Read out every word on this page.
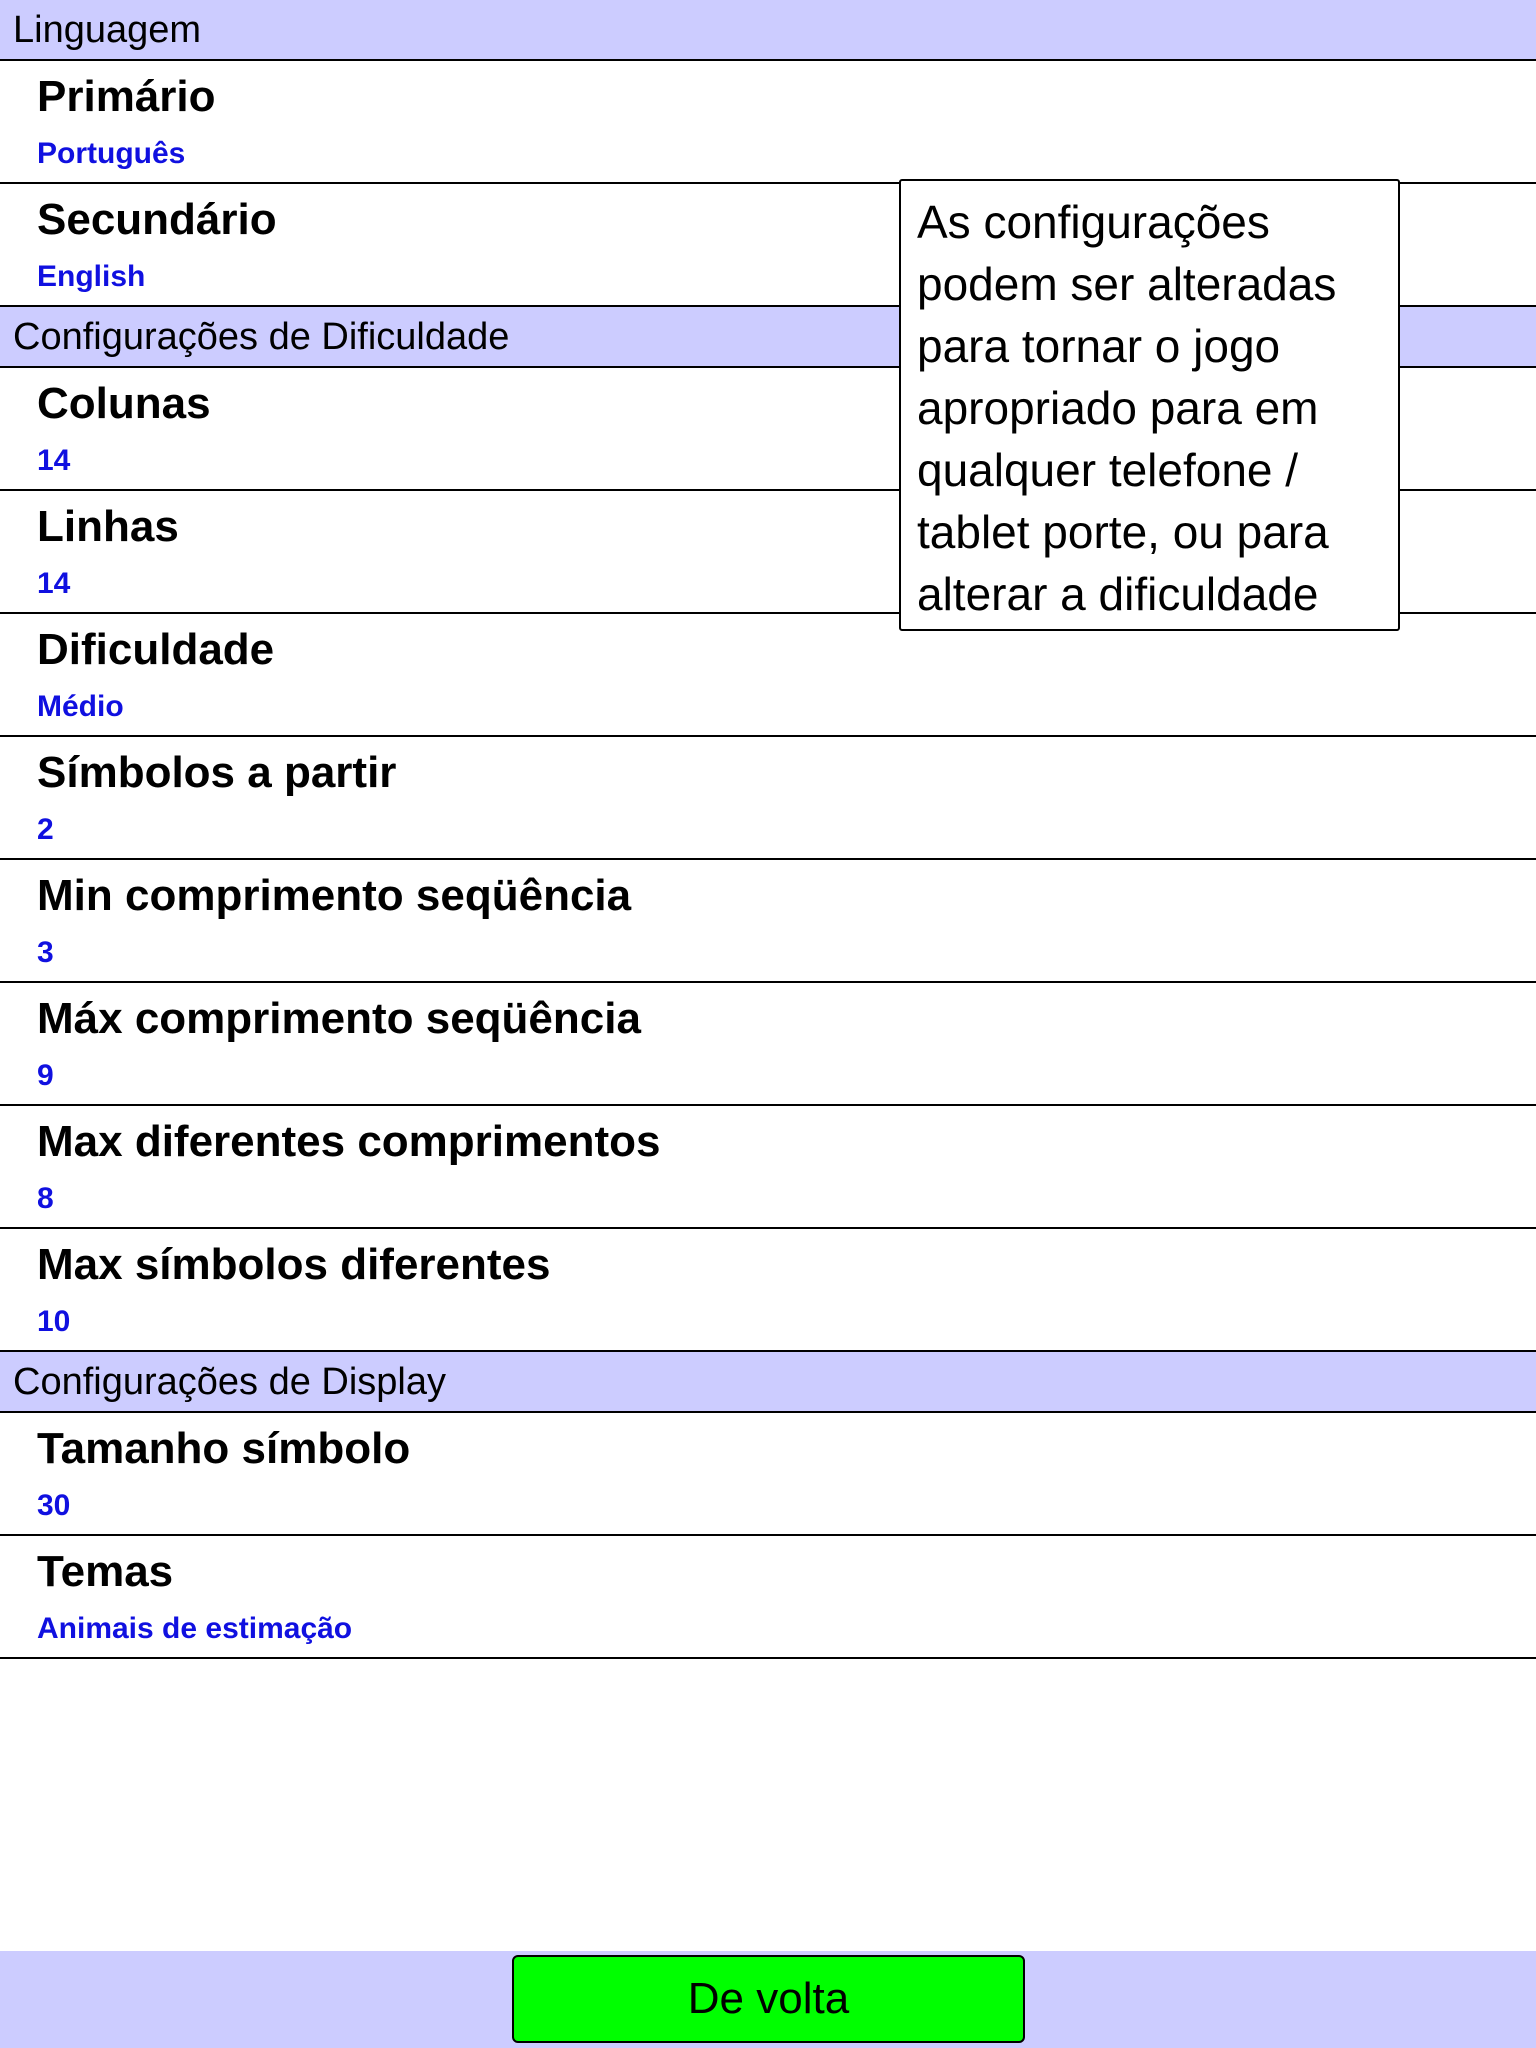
Linguagem
Primário
Português
Secundário
English
Configurações de Dificuldade
Colunas
14
Linhas
14
Dificuldade
Médio
Símbolos a partir
2
Min comprimento seqüência
3
Máx comprimento seqüência
9
Max diferentes comprimentos
8
Max símbolos diferentes
10
Configurações de Display
Tamanho símbolo
30
Temas
Animais de estimação
As configurações
podem ser alteradas
para tornar o jogo
apropriado para em
qualquer telefone /
tablet porte, ou para
alterar a dificuldade
De volta
